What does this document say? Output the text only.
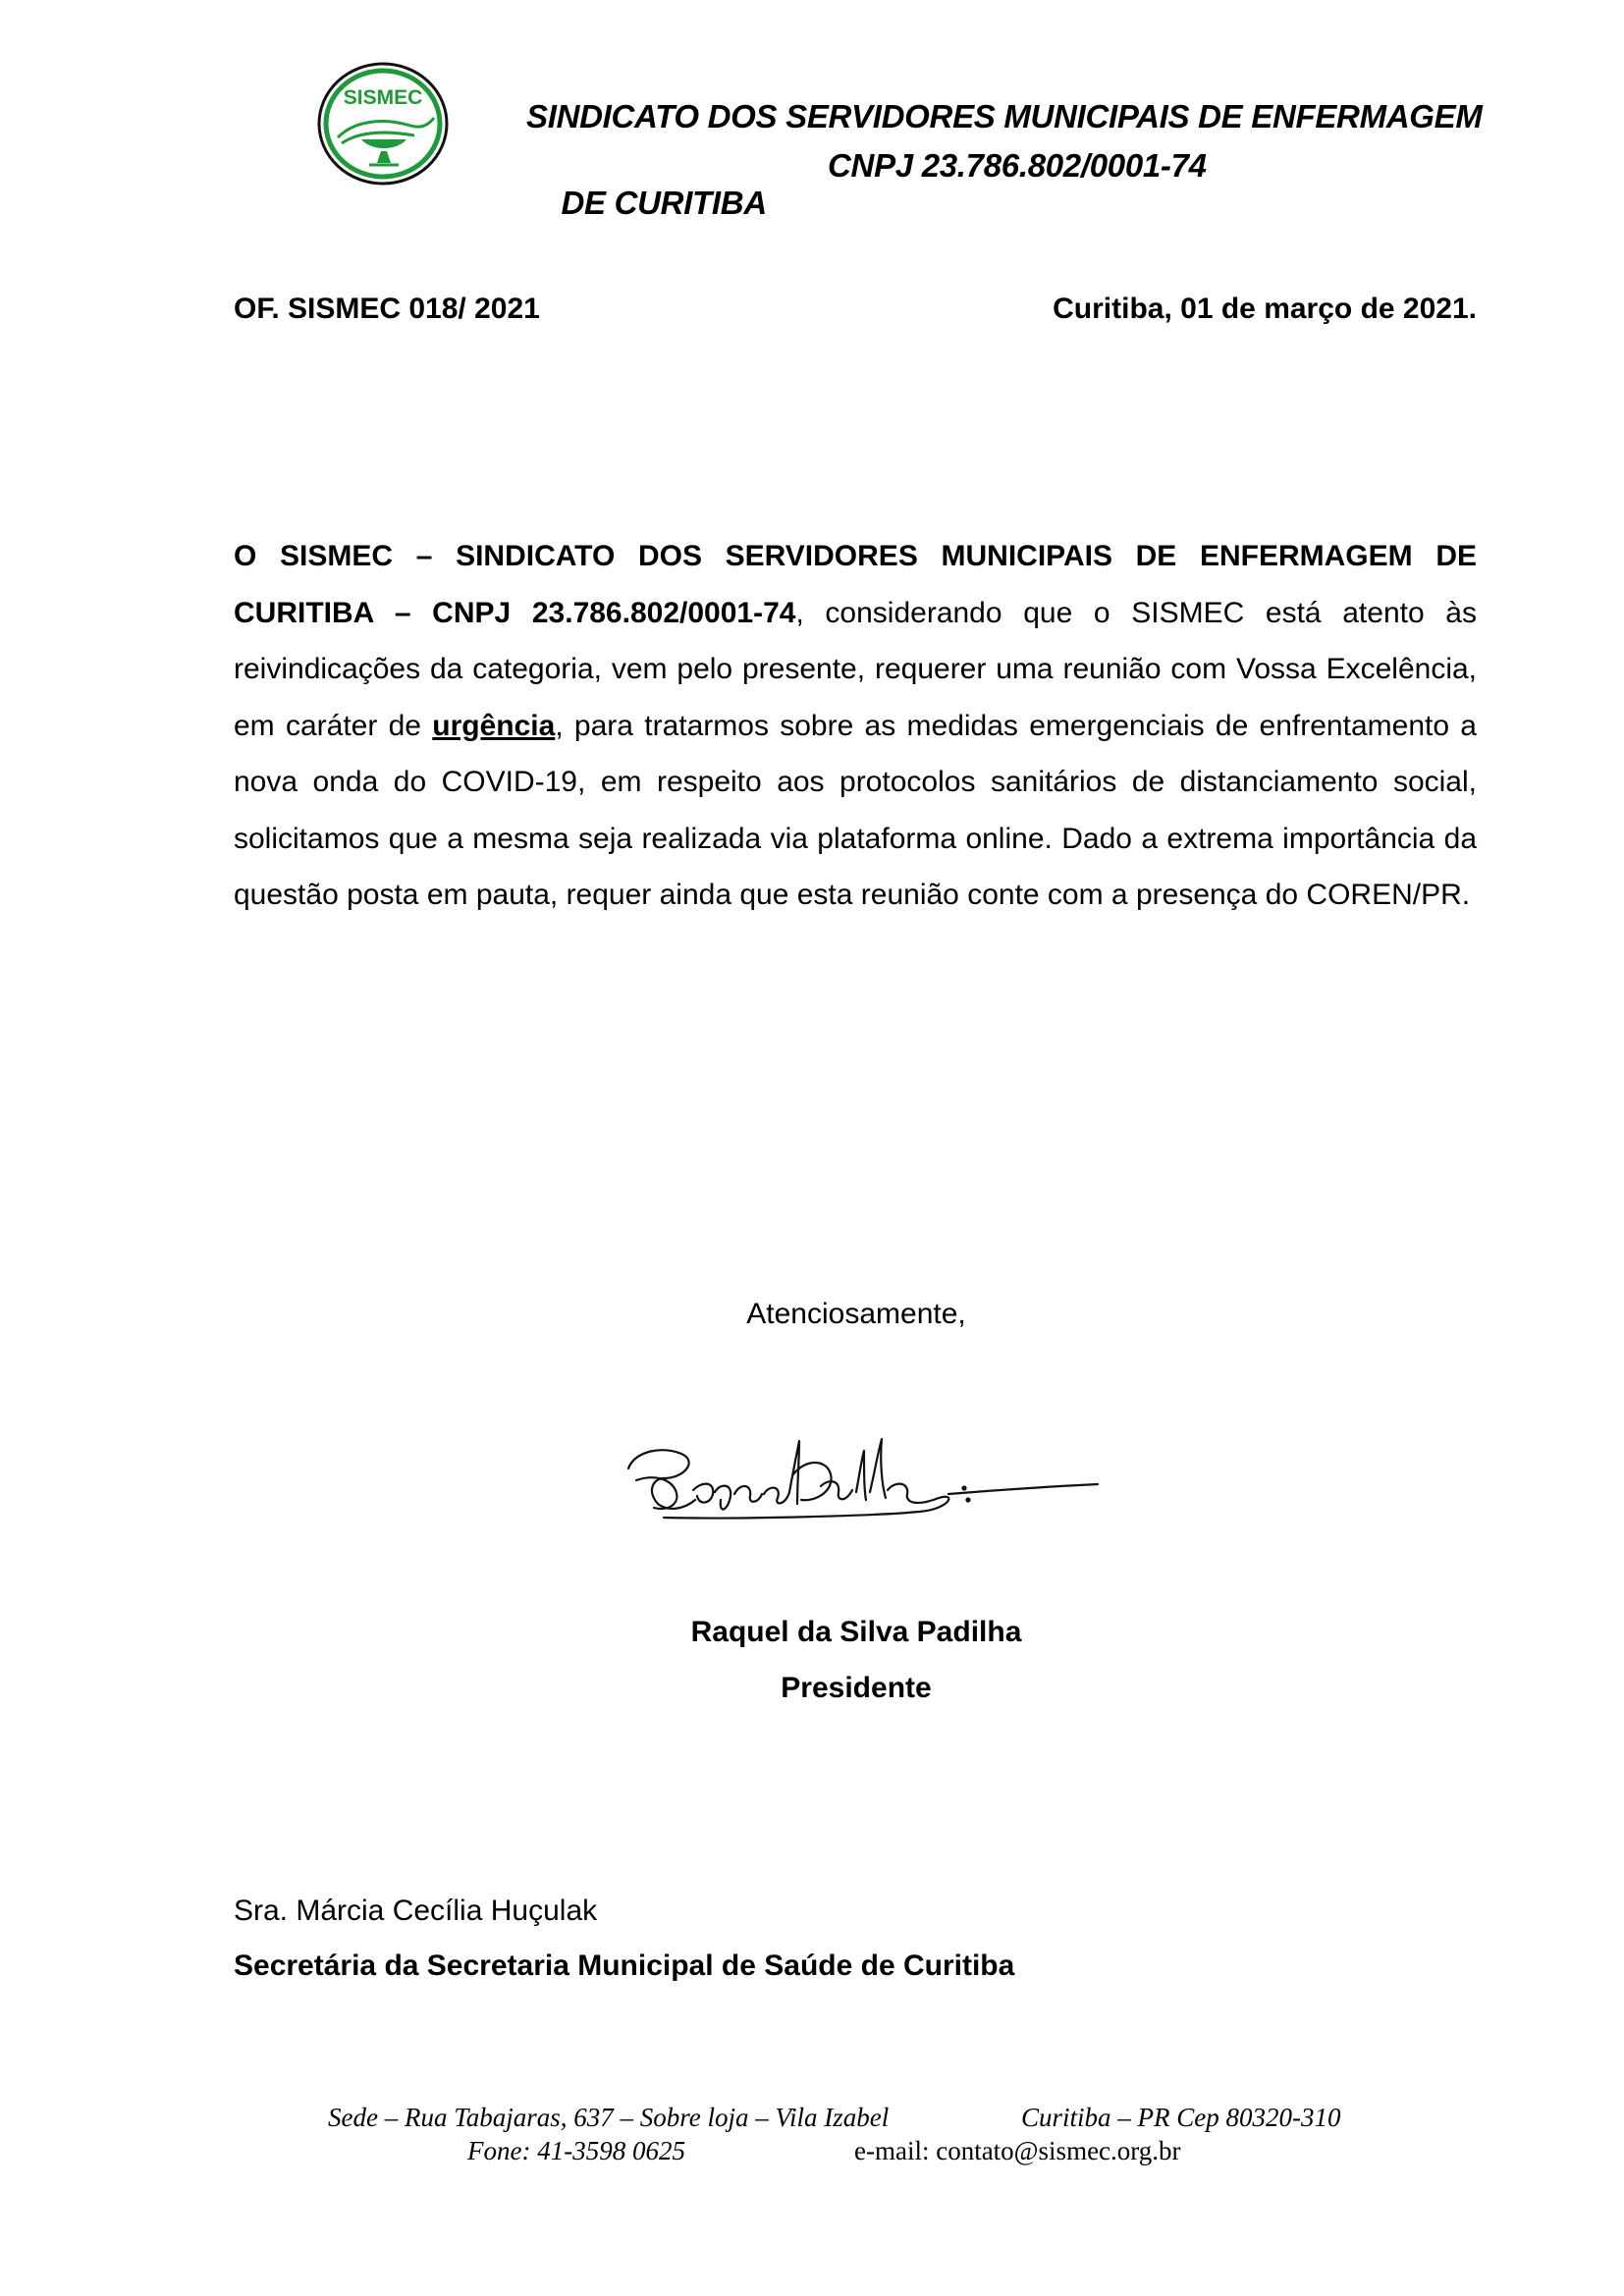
SISMEC
SINDICATO DOS SERVIDORES MUNICIPAIS DE ENFERMAGEM

DE CURITIBA

CNPJ 23.786.802/0001-74

OF. SISMEC 018/ 2021	Curitiba, 01 de março de 2021.
O SISMEC – SINDICATO DOS SERVIDORES MUNICIPAIS DE ENFERMAGEM DE CURITIBA – CNPJ 23.786.802/0001-74, considerando que o SISMEC está atento às reivindicações da categoria, vem pelo presente, requerer uma reunião com Vossa Excelência, em caráter de urgência, para tratarmos sobre as medidas emergenciais de enfrentamento a nova onda do COVID-19, em respeito aos protocolos sanitários de distanciamento social, solicitamos que a mesma seja realizada via plataforma online. Dado a extrema importância da questão posta em pauta, requer ainda que esta reunião conte com a presença do COREN/PR.
Atenciosamente,
Raquel da Silva Padilha
Presidente
Sra. Márcia Cecília Huçulak
Secretária da Secretaria Municipal de Saúde de Curitiba
Sede – Rua Tabajaras, 637 – Sobre loja – Vila Izabel	Curitiba – PR Cep 80320-310
Fone: 41-3598 0625	e-mail: contato@sismec.org.br
